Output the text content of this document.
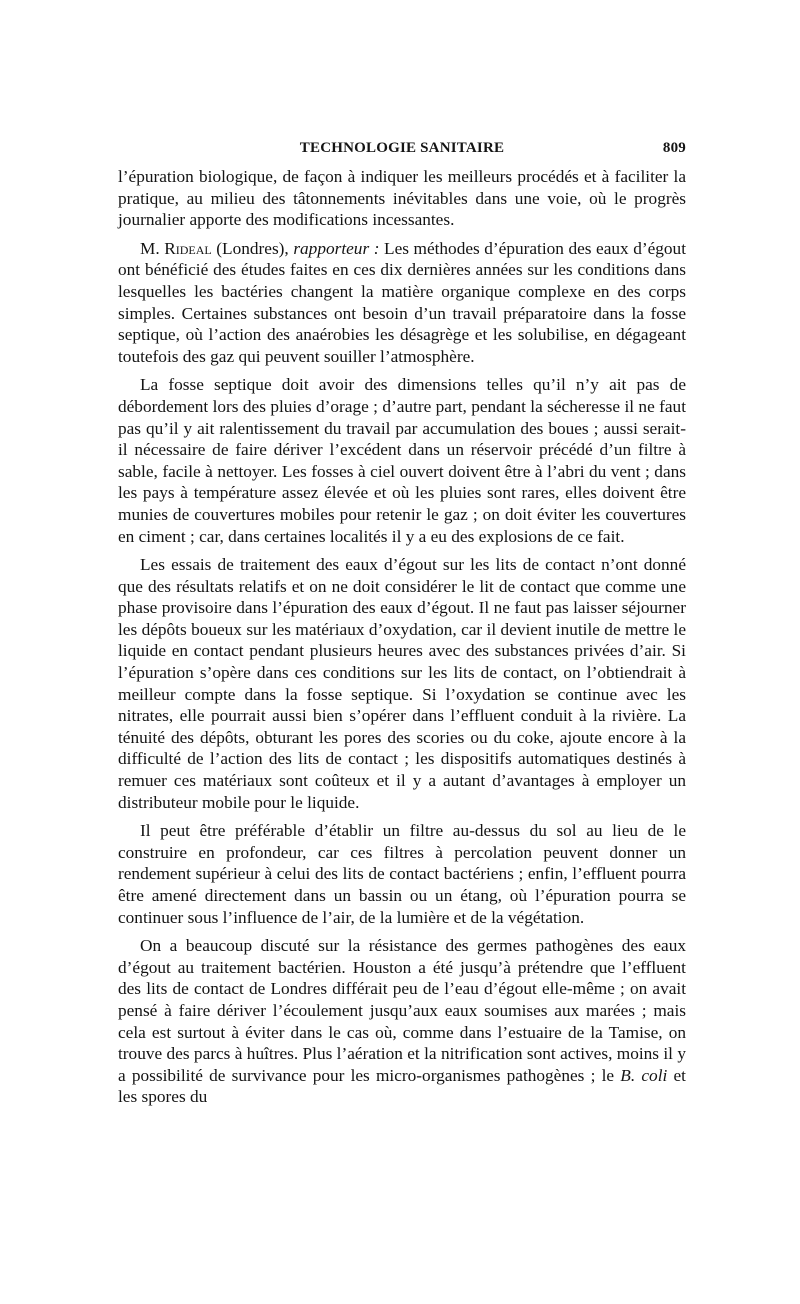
TECHNOLOGIE SANITAIRE	809

l’épuration biologique, de façon à indiquer les meilleurs procédés et à faciliter la pratique, au milieu des tâtonnements inévitables dans une voie, où le progrès journalier apporte des modifications incessantes.

M. Rideal (Londres), rapporteur : Les méthodes d’épuration des eaux d’égout ont bénéficié des études faites en ces dix dernières années sur les conditions dans lesquelles les bactéries changent la matière organique complexe en des corps simples. Certaines substances ont besoin d’un travail préparatoire dans la fosse septique, où l’action des anaérobies les désagrège et les solubilise, en dégageant toutefois des gaz qui peuvent souiller l’atmosphère.

La fosse septique doit avoir des dimensions telles qu’il n’y ait pas de débordement lors des pluies d’orage ; d’autre part, pendant la sécheresse il ne faut pas qu’il y ait ralentissement du travail par accumulation des boues ; aussi serait-il nécessaire de faire dériver l’excédent dans un réservoir précédé d’un filtre à sable, facile à nettoyer. Les fosses à ciel ouvert doivent être à l’abri du vent ; dans les pays à température assez élevée et où les pluies sont rares, elles doivent être munies de couvertures mobiles pour retenir le gaz ; on doit éviter les couvertures en ciment ; car, dans certaines localités il y a eu des explosions de ce fait.

Les essais de traitement des eaux d’égout sur les lits de contact n’ont donné que des résultats relatifs et on ne doit considérer le lit de contact que comme une phase provisoire dans l’épuration des eaux d’égout. Il ne faut pas laisser séjourner les dépôts boueux sur les matériaux d’oxydation, car il devient inutile de mettre le liquide en contact pendant plusieurs heures avec des substances privées d’air. Si l’épuration s’opère dans ces conditions sur les lits de contact, on l’obtiendrait à meilleur compte dans la fosse septique. Si l’oxydation se continue avec les nitrates, elle pourrait aussi bien s’opérer dans l’effluent conduit à la rivière. La ténuité des dépôts, obturant les pores des scories ou du coke, ajoute encore à la difficulté de l’action des lits de contact ; les dispositifs automatiques destinés à remuer ces matériaux sont coûteux et il y a autant d’avantages à employer un distributeur mobile pour le liquide.

Il peut être préférable d’établir un filtre au-dessus du sol au lieu de le construire en profondeur, car ces filtres à percolation peuvent donner un rendement supérieur à celui des lits de contact bactériens ; enfin, l’effluent pourra être amené directement dans un bassin ou un étang, où l’épuration pourra se continuer sous l’influence de l’air, de la lumière et de la végétation.

On a beaucoup discuté sur la résistance des germes pathogènes des eaux d’égout au traitement bactérien. Houston a été jusqu’à prétendre que l’effluent des lits de contact de Londres différait peu de l’eau d’égout elle-même ; on avait pensé à faire dériver l’écoulement jusqu’aux eaux soumises aux marées ; mais cela est surtout à éviter dans le cas où, comme dans l’estuaire de la Tamise, on trouve des parcs à huîtres. Plus l’aération et la nitrification sont actives, moins il y a possibilité de survivance pour les micro-organismes pathogènes ; le B. coli et les spores du
